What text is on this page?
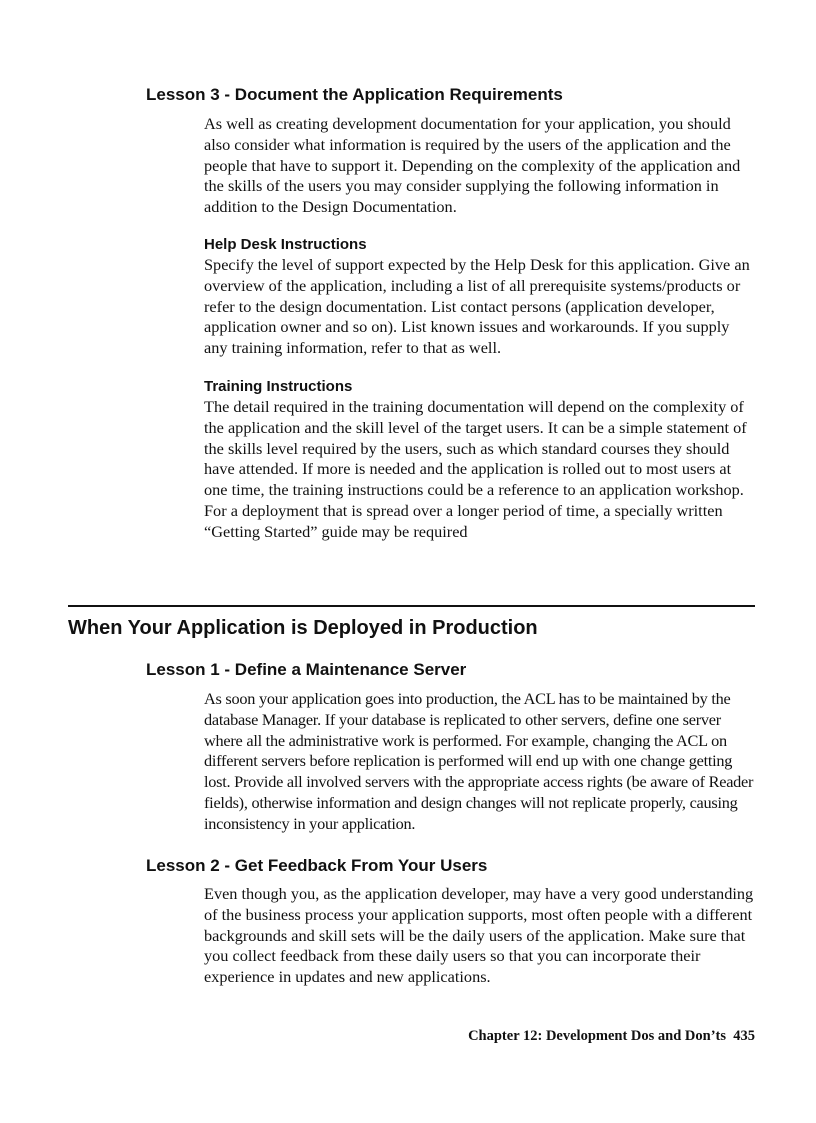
Lesson 3 - Document the Application Requirements

As well as creating development documentation for your application, you should also consider what information is required by the users of the application and the people that have to support it. Depending on the complexity of the application and the skills of the users you may consider supplying the following information in addition to the Design Documentation.

Help Desk Instructions

Specify the level of support expected by the Help Desk for this application. Give an overview of the application, including a list of all prerequisite systems/products or refer to the design documentation. List contact persons (application developer, application owner and so on). List known issues and workarounds. If you supply any training information, refer to that as well.

Training Instructions

The detail required in the training documentation will depend on the complexity of the application and the skill level of the target users. It can be a simple statement of the skills level required by the users, such as which standard courses they should have attended. If more is needed and the application is rolled out to most users at one time, the training instructions could be a reference to an application workshop. For a deployment that is spread over a longer period of time, a specially written “Getting Started” guide may be required

When Your Application is Deployed in Production
Lesson 1 - Define a Maintenance Server

As soon your application goes into production, the ACL has to be maintained by the database Manager. If your database is replicated to other servers, define one server where all the administrative work is performed. For example, changing the ACL on different servers before replication is performed will end up with one change getting lost. Provide all involved servers with the appropriate access rights (be aware of Reader fields), otherwise information and design changes will not replicate properly, causing inconsistency in your application.

Lesson 2 - Get Feedback From Your Users

Even though you, as the application developer, may have a very good understanding of the business process your application supports, most often people with a different backgrounds and skill sets will be the daily users of the application. Make sure that you collect feedback from these daily users so that you can incorporate their experience in updates and new applications.

Chapter 12: Development Dos and Don’ts 435
